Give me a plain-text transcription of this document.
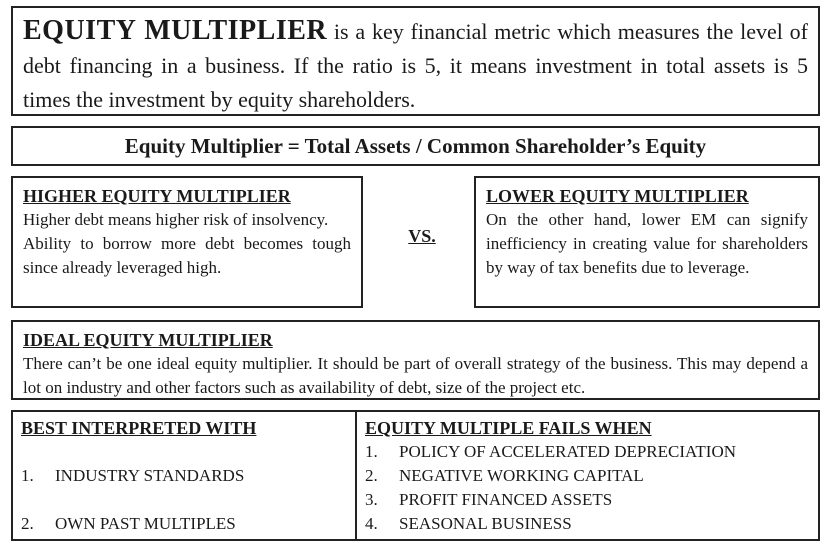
EQUITY MULTIPLIER is a key financial metric which measures the level of debt financing in a business. If the ratio is 5, it means investment in total assets is 5 times the investment by equity shareholders.
Equity Multiplier = Total Assets / Common Shareholder’s Equity
HIGHER EQUITY MULTIPLIER
Higher debt means higher risk of insolvency.
Ability to borrow more debt becomes tough since already leveraged high.
VS.
LOWER EQUITY MULTIPLIER
On the other hand, lower EM can signify inefficiency in creating value for shareholders by way of tax benefits due to leverage.
IDEAL EQUITY MULTIPLIER
There can’t be one ideal equity multiplier. It should be part of overall strategy of the business. This may depend a lot on industry and other factors such as availability of debt, size of the project etc.
BEST INTERPRETED WITH
1.	INDUSTRY STANDARDS
2.	OWN PAST MULTIPLES
EQUITY MULTIPLE FAILS WHEN
1.	POLICY OF ACCELERATED DEPRECIATION
2.	NEGATIVE WORKING CAPITAL
3.	PROFIT FINANCED ASSETS
4.	SEASONAL BUSINESS
